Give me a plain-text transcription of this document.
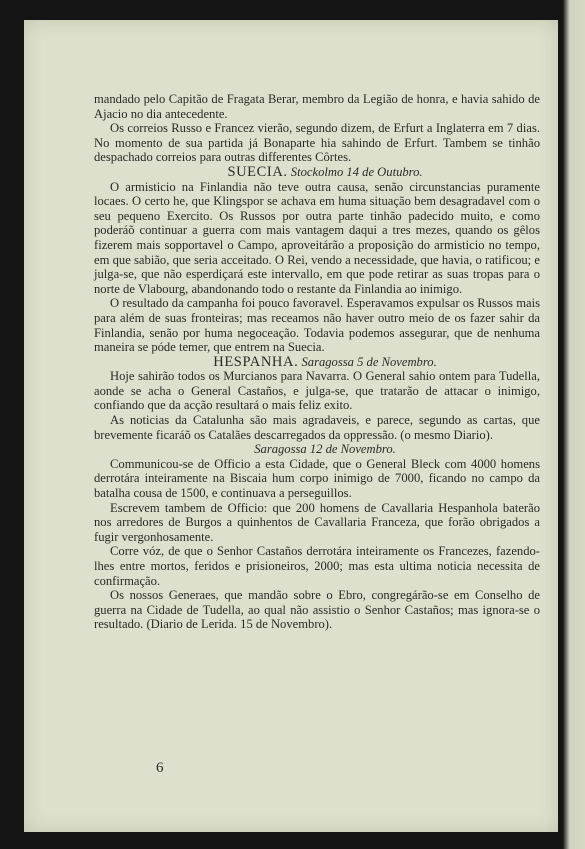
mandado pelo Capitão de Fragata Berar, membro da Legião de honra, e havia sahido de Ajacio no dia antecedente.

Os correios Russo e Francez vierão, segundo dizem, de Erfurt a Inglaterra em 7 dias. No momento de sua partida já Bonaparte hia sahindo de Erfurt. Tambem se tinhão despachado correios para outras differentes Côrtes.

SUECIA. Stockolmo 14 de Outubro.

O armisticio na Finlandia não teve outra causa, senão circunstancias puramente locaes. O certo he, que Klingspor se achava em huma situação bem desagradavel com o seu pequeno Exercito. Os Russos por outra parte tinhão padecido muito, e como poderáõ continuar a guerra com mais vantagem daqui a tres mezes, quando os gêlos fizerem mais sopportavel o Campo, aproveitárão a proposição do armisticio no tempo, em que sabião, que seria acceitado. O Rei, vendo a necessidade, que havia, o ratificou; e julga-se, que não esperdiçará este intervallo, em que pode retirar as suas tropas para o norte de Vlabourg, abandonando todo o restante da Finlandia ao inimigo.

O resultado da campanha foi pouco favoravel. Esperavamos expulsar os Russos mais para além de suas fronteiras; mas receamos não haver outro meio de os fazer sahir da Finlandia, senão por huma negoceação. Todavia podemos assegurar, que de nenhuma maneira se póde temer, que entrem na Suecia.

HESPANHA. Saragossa 5 de Novembro.

Hoje sahirão todos os Murcianos para Navarra. O General sahio ontem para Tudella, aonde se acha o General Castaños, e julga-se, que tratarão de attacar o inimigo, confiando que da acção resultará o mais feliz exito.

As noticias da Catalunha são mais agradaveis, e parece, segundo as cartas, que brevemente ficaráõ os Catalães descarregados da oppressão. (o mesmo Diario).

Saragossa 12 de Novembro.

Communicou-se de Officio a esta Cidade, que o General Bleck com 4000 homens derrotára inteiramente na Biscaia hum corpo inimigo de 7000, ficando no campo da batalha cousa de 1500, e continuava a perseguillos.

Escrevem tambem de Officio: que 200 homens de Cavallaria Hespanhola baterão nos arredores de Burgos a quinhentos de Cavallaria Franceza, que forão obrigados a fugir vergonhosamente.

Corre vóz, de que o Senhor Castaños derrotára inteiramente os Francezes, fazendo-lhes entre mortos, feridos e prisioneiros, 2000; mas esta ultima noticia necessita de confirmação.

Os nossos Generaes, que mandão sobre o Ebro, congregárão-se em Conselho de guerra na Cidade de Tudella, ao qual não assistio o Senhor Castaños; mas ignora-se o resultado. (Diario de Lerida. 15 de Novembro).

6
